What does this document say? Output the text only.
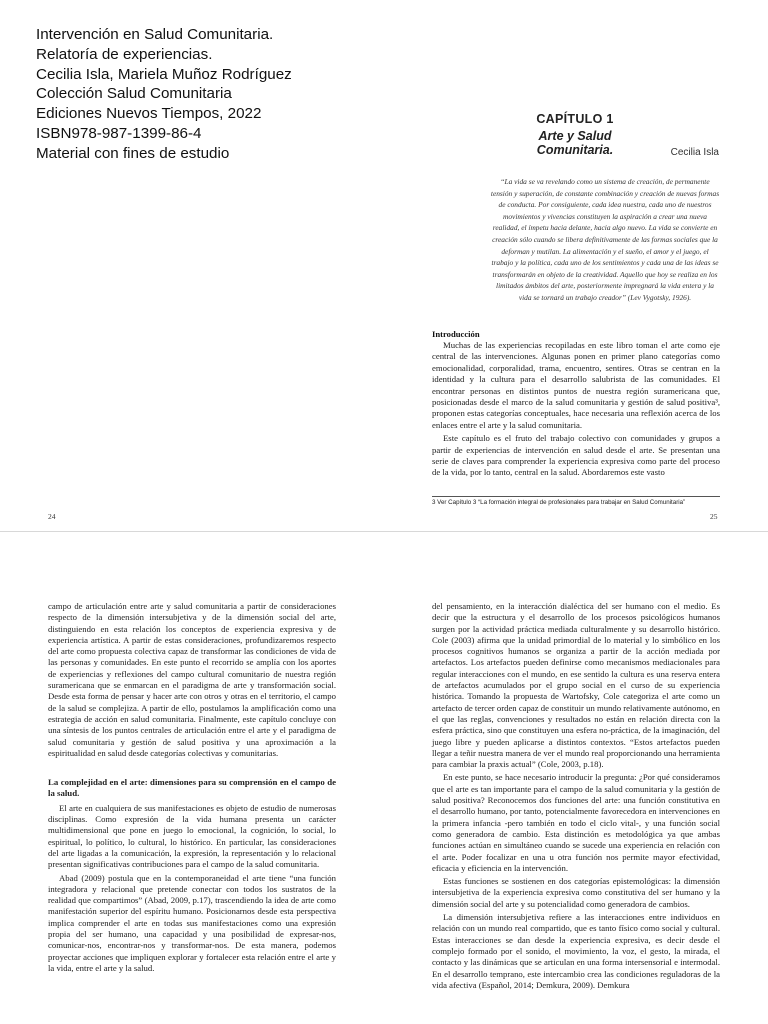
Intervención en Salud Comunitaria.
Relatoría de experiencias.
Cecilia Isla, Mariela Muñoz Rodríguez
Colección Salud Comunitaria
Ediciones Nuevos Tiempos, 2022
ISBN978-987-1399-86-4
Material con fines de estudio
CAPÍTULO 1
Arte y Salud Comunitaria.	Cecilia Isla
“La vida se va revelando como un sistema de creación, de permanente tensión y superación, de constante combinación y creación de nuevas formas de conducta. Por consiguiente, cada idea nuestra, cada uno de nuestros movimientos y vivencias constituyen la aspiración a crear una nueva realidad, el ímpetu hacia delante, hacia algo nuevo. La vida se convierte en creación sólo cuando se libera definitivamente de las formas sociales que la deforman y mutilan. La alimentación y el sueño, el amor y el juego, el trabajo y la política, cada uno de los sentimientos y cada una de las ideas se transformarán en objeto de la creatividad. Aquello que hoy se realiza en los limitados ámbitos del arte, posteriormente impregnará la vida entera y la vida se tornará un trabajo creador” (Lev Vygotsky, 1926).
Introducción

Muchas de las experiencias recopiladas en este libro toman el arte como eje central de las intervenciones. Algunas ponen en primer plano categorías como emocionalidad, corporalidad, trama, encuentro, sentires. Otras se centran en la identidad y la cultura para el desarrollo salubrista de las comunidades. El encontrar personas en distintos puntos de nuestra región suramericana que, posicionadas desde el marco de la salud comunitaria y gestión de salud positiva³, proponen estas categorías conceptuales, hace necesaria una reflexión acerca de los enlaces entre el arte y la salud comunitaria.

Este capítulo es el fruto del trabajo colectivo con comunidades y grupos a partir de experiencias de intervención en salud desde el arte. Se presentan una serie de claves para comprender la experiencia expresiva como parte del proceso de la vida, por lo tanto, central en la salud. Abordaremos este vasto

3 Ver Capítulo 3 “La formación integral de profesionales para trabajar en Salud Comunitaria”
24	25

campo de articulación entre arte y salud comunitaria a partir de consideraciones respecto de la dimensión intersubjetiva y de la dimensión social del arte, distinguiendo en esta relación los conceptos de experiencia expresiva y de experiencia artística. A partir de estas consideraciones, profundizaremos respecto del arte como propuesta colectiva capaz de transformar las condiciones de vida de las personas y comunidades. En este punto el recorrido se amplía con los aportes de experiencias y reflexiones del campo cultural comunitario de nuestra región suramericana que se enmarcan en el paradigma de arte y transformación social. Desde esta forma de pensar y hacer arte con otros y otras en el territorio, el campo de la salud se complejiza. A partir de ello, postulamos la amplificación como una estrategia de acción en salud comunitaria. Finalmente, este capítulo concluye con una síntesis de los puntos centrales de articulación entre el arte y el paradigma de salud comunitaria y gestión de salud positiva y una aproximación a la espiritualidad en salud desde categorías colectivas y comunitarias.

La complejidad en el arte: dimensiones para su comprensión en el campo de la salud.

El arte en cualquiera de sus manifestaciones es objeto de estudio de numerosas disciplinas. Como expresión de la vida humana presenta un carácter multidimensional que pone en juego lo emocional, la cognición, lo social, lo espiritual, lo político, lo cultural, lo histórico. En particular, las consideraciones del arte ligadas a la comunicación, la expresión, la representación y lo relacional presentan significativas contribuciones para el campo de la salud comunitaria.

Abad (2009) postula que en la contemporaneidad el arte tiene “una función integradora y relacional que pretende conectar con todos los sustratos de la realidad que compartimos” (Abad, 2009, p.17), trascendiendo la idea de arte como manifestación superior del espíritu humano. Posicionarnos desde esta perspectiva implica comprender el arte en todas sus manifestaciones como una expresión propia del ser humano, una capacidad y una posibilidad de expresar-nos, comunicar-nos, encontrar-nos y transformar-nos. De esta manera, podemos proyectar acciones que impliquen explorar y fortalecer esta relación entre el arte y la vida, entre el arte y la salud.

del pensamiento, en la interacción dialéctica del ser humano con el medio. Es decir que la estructura y el desarrollo de los procesos psicológicos humanos surgen por la actividad práctica mediada culturalmente y su desarrollo histórico. Cole (2003) afirma que la unidad primordial de lo material y lo simbólico en los procesos cognitivos humanos se organiza a partir de la acción mediada por artefactos. Los artefactos pueden definirse como mecanismos mediacionales para regular interacciones con el mundo, en ese sentido la cultura es una reserva entera de artefactos acumulados por el grupo social en el curso de su experiencia histórica. Tomando la propuesta de Wartofsky, Cole categoriza el arte como un artefacto de tercer orden capaz de constituir un mundo relativamente autónomo, en el que las reglas, convenciones y resultados no están en relación directa con la esfera práctica, sino que constituyen una esfera no-práctica, de la imaginación, del juego libre y pueden aplicarse a distintos contextos. “Estos artefactos pueden llegar a teñir nuestra manera de ver el mundo real proporcionando una herramienta para cambiar la praxis actual” (Cole, 2003, p.18).

En este punto, se hace necesario introducir la pregunta: ¿Por qué consideramos que el arte es tan importante para el campo de la salud comunitaria y la gestión de salud positiva? Reconocemos dos funciones del arte: una función constitutiva en el desarrollo humano, por tanto, potencialmente favorecedora en intervenciones en la primera infancia -pero también en todo el ciclo vital-, y una función social como generadora de cambio. Esta distinción es metodológica ya que ambas funciones actúan en simultáneo cuando se sucede una experiencia en relación con el arte. Poder focalizar en una u otra función nos permite mayor efectividad, eficacia y eficiencia en la intervención.

Estas funciones se sostienen en dos categorías epistemológicas: la dimensión intersubjetiva de la experiencia expresiva como constitutiva del ser humano y la dimensión social del arte y su potencialidad como generadora de cambios.

La dimensión intersubjetiva refiere a las interacciones entre individuos en relación con un mundo real compartido, que es tanto físico como social y cultural. Estas interacciones se dan desde la experiencia expresiva, es decir desde el complejo formado por el sonido, el movimiento, la voz, el gesto, la mirada, el contacto y las dinámicas que se articulan en una forma intersensorial e intermodal. En el desarrollo temprano, este intercambio crea las condiciones reguladoras de la vida afectiva (Español, 2014; Demkura, 2009). Demkura
